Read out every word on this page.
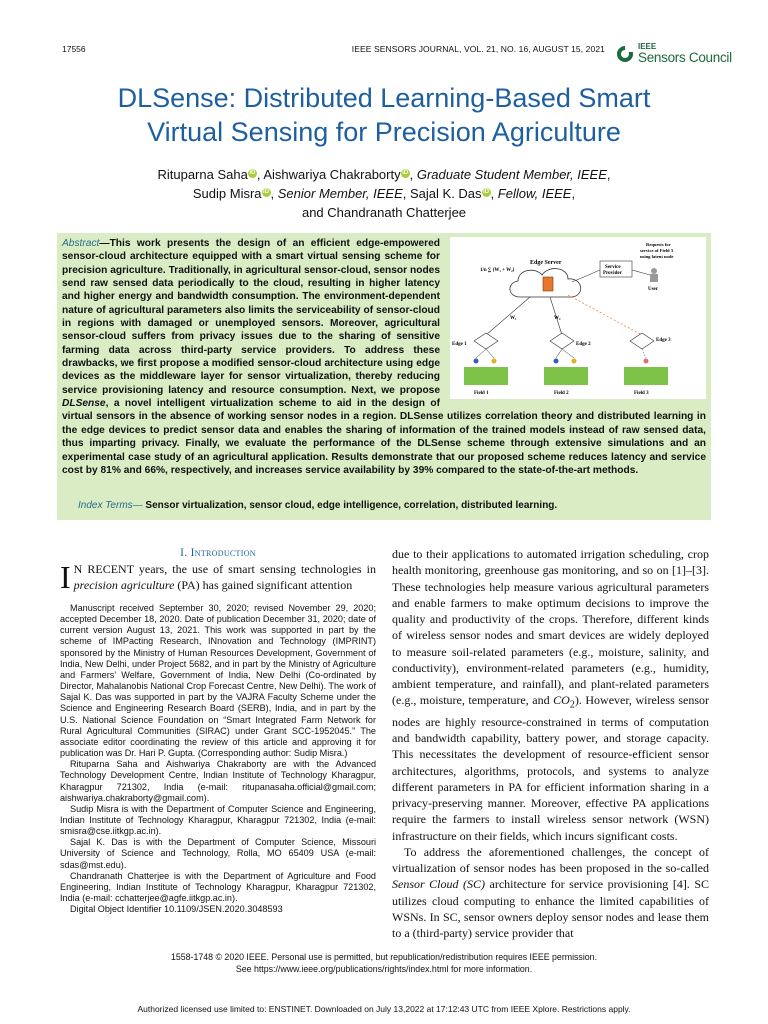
17556	IEEE SENSORS JOURNAL, VOL. 21, NO. 16, AUGUST 15, 2021	IEEE
Sensors Council
DLSense: Distributed Learning-Based Smart
Virtual Sensing for Precision Agriculture
Rituparna Saha iD , Aishwariya Chakraborty iD , Graduate Student Member, IEEE,
Sudip Misra iD , Senior Member, IEEE, Sajal K. Das iD , Fellow, IEEE,
and Chandranath Chatterjee
Edge Server
1/n ∑ (W₁ + W₂)
Service
Provider
Requests for
service of Field 3
using latent node
User
W₁	W₂
Edge 1	Edge 2
Edge 3
Field 1	Field 2	Field 3
Abstract—This work presents the design of an efficient edge-empowered sensor-cloud architecture equipped with a smart virtual sensing scheme for precision agriculture. Traditionally, in agricultural sensor-cloud, sensor nodes send raw sensed data periodically to the cloud, resulting in higher latency and higher energy and bandwidth consumption. The environment-dependent nature of agricultural parameters also limits the serviceability of sensor-cloud in regions with damaged or unemployed sensors. Moreover, agricultural sensor-cloud suffers from privacy issues due to the sharing of sensitive farming data across third-party service providers. To address these drawbacks, we first propose a modified sensor-cloud architecture using edge devices as the middleware layer for sensor virtualization, thereby reducing service provisioning latency and resource consumption. Next, we propose DLSense, a novel intelligent virtualization scheme to aid in the design of virtual sensors in the absence of working sensor nodes in a region. DLSense utilizes correlation theory and distributed learning in the edge devices to predict sensor data and enables the sharing of information of the trained models instead of raw sensed data, thus imparting privacy. Finally, we evaluate the performance of the DLSense scheme through extensive simulations and an experimental case study of an agricultural application. Results demonstrate that our proposed scheme reduces latency and service cost by 81% and 66%, respectively, and increases service availability by 39% compared to the state-of-the-art methods.
Index Terms— Sensor virtualization, sensor cloud, edge intelligence, correlation, distributed learning.
I. Introduction
I N RECENT years, the use of smart sensing technologies in precision agriculture (PA) has gained significant attention

Manuscript received September 30, 2020; revised November 29, 2020; accepted December 18, 2020. Date of publication December 31, 2020; date of current version August 13, 2021. This work was supported in part by the scheme of IMPacting Research, INnovation and Technology (IMPRINT) sponsored by the Ministry of Human Resources Development, Government of India, New Delhi, under Project 5682, and in part by the Ministry of Agriculture and Farmers’ Welfare, Government of India, New Delhi (Co-ordinated by Director, Mahalanobis National Crop Forecast Centre, New Delhi). The work of Sajal K. Das was supported in part by the VAJRA Faculty Scheme under the Science and Engineering Research Board (SERB), India, and in part by the U.S. National Science Foundation on “Smart Integrated Farm Network for Rural Agricultural Communities (SIRAC) under Grant SCC-1952045.” The associate editor coordinating the review of this article and approving it for publication was Dr. Hari P. Gupta. (Corresponding author: Sudip Misra.)

Rituparna Saha and Aishwariya Chakraborty are with the Advanced Technology Development Centre, Indian Institute of Technology Kharagpur, Kharagpur 721302, India (e-mail: ritupanasaha.official@gmail.com; aishwariya.chakraborty@gmail.com).

Sudip Misra is with the Department of Computer Science and Engineering, Indian Institute of Technology Kharagpur, Kharagpur 721302, India (e-mail: smisra@cse.iitkgp.ac.in).

Sajal K. Das is with the Department of Computer Science, Missouri University of Science and Technology, Rolla, MO 65409 USA (e-mail: sdas@mst.edu).

Chandranath Chatterjee is with the Department of Agriculture and Food Engineering, Indian Institute of Technology Kharagpur, Kharagpur 721302, India (e-mail: cchatterjee@agfe.iitkgp.ac.in).

Digital Object Identifier 10.1109/JSEN.2020.3048593

due to their applications to automated irrigation scheduling, crop health monitoring, greenhouse gas monitoring, and so on [1]–[3]. These technologies help measure various agricultural parameters and enable farmers to make optimum decisions to improve the quality and productivity of the crops. Therefore, different kinds of wireless sensor nodes and smart devices are widely deployed to measure soil-related parameters (e.g., moisture, salinity, and conductivity), environment-related parameters (e.g., humidity, ambient temperature, and rainfall), and plant-related parameters (e.g., moisture, temperature, and $CO_2$). However, wireless sensor nodes are highly resource-constrained in terms of computation and bandwidth capability, battery power, and storage capacity. This necessitates the development of resource-efficient sensor architectures, algorithms, protocols, and systems to analyze different parameters in PA for efficient information sharing in a privacy-preserving manner. Moreover, effective PA applications require the farmers to install wireless sensor network (WSN) infrastructure on their fields, which incurs significant costs.

To address the aforementioned challenges, the concept of virtualization of sensor nodes has been proposed in the so-called Sensor Cloud (SC) architecture for service provisioning [4]. SC utilizes cloud computing to enhance the limited capabilities of WSNs. In SC, sensor owners deploy sensor nodes and lease them to a (third-party) service provider that

1558-1748 © 2020 IEEE. Personal use is permitted, but republication/redistribution requires IEEE permission.
See https://www.ieee.org/publications/rights/index.html for more information.
Authorized licensed use limited to: ENSTINET. Downloaded on July 13,2022 at 17:12:43 UTC from IEEE Xplore. Restrictions apply.
